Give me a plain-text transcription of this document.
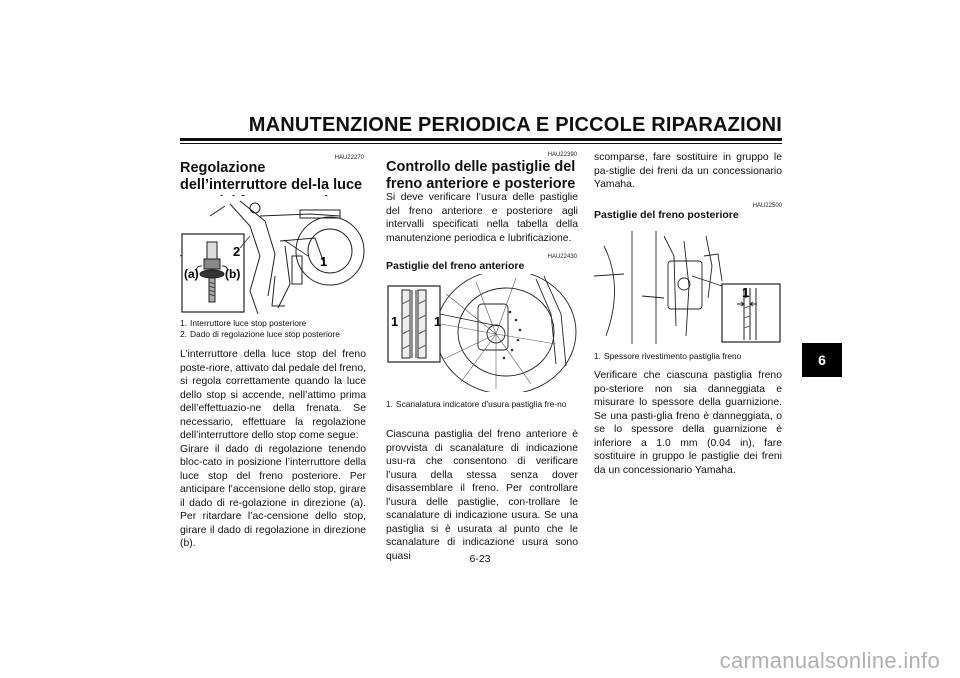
MANUTENZIONE PERIODICA E PICCOLE RIPARAZIONI
HAU22270
Regolazione dell’interruttore del-la luce
(a) (b)
2
1
1. Interruttore luce stop posteriore
2. Dado di regolazione luce stop posteriore
L’interruttore della luce stop del freno poste-riore, attivato dal pedale del freno, si regola correttamente quando la luce dello stop si accende, nell’attimo prima dell’effettuazio-ne della frenata. Se necessario, effettuare la regolazione dell’interruttore dello stop come segue:
Girare il dado di regolazione tenendo bloc-cato in posizione l’interruttore della luce stop del freno posteriore. Per anticipare l’accensione dello stop, girare il dado di re-golazione in direzione (a). Per ritardare l’ac-censione dello stop, girare il dado di regolazione in direzione (b).
HAU22390
Controllo delle pastiglie del freno anteriore e posteriore
Si deve verificare l’usura delle pastiglie del freno anteriore e posteriore agli intervalli specificati nella tabella della manutenzione periodica e lubrificazione.
HAU22430
Pastiglie del freno anteriore
1	1
1. Scanalatura indicatore d’usura pastiglia fre-no
Ciascuna pastiglia del freno anteriore è provvista di scanalature di indicazione usu-ra che consentono di verificare l’usura della stessa senza dover disassemblare il freno. Per controllare l’usura delle pastiglie, con-trollare le scanalature di indicazione usura. Se una pastiglia si è usurata al punto che le scanalature di indicazione usura sono quasi
scomparse, fare sostituire in gruppo le pa-stiglie dei freni da un concessionario Yamaha.
HAU22500
Pastiglie del freno posteriore
1
1. Spessore rivestimento pastiglia freno
Verificare che ciascuna pastiglia freno po-steriore non sia danneggiata e misurare lo spessore della guarnizione. Se una pasti-glia freno è danneggiata, o se lo spessore della guarnizione è inferiore a 1.0 mm (0.04 in), fare sostituire in gruppo le pastiglie dei freni da un concessionario Yamaha.
6
6-23
carmanualsonline.info
